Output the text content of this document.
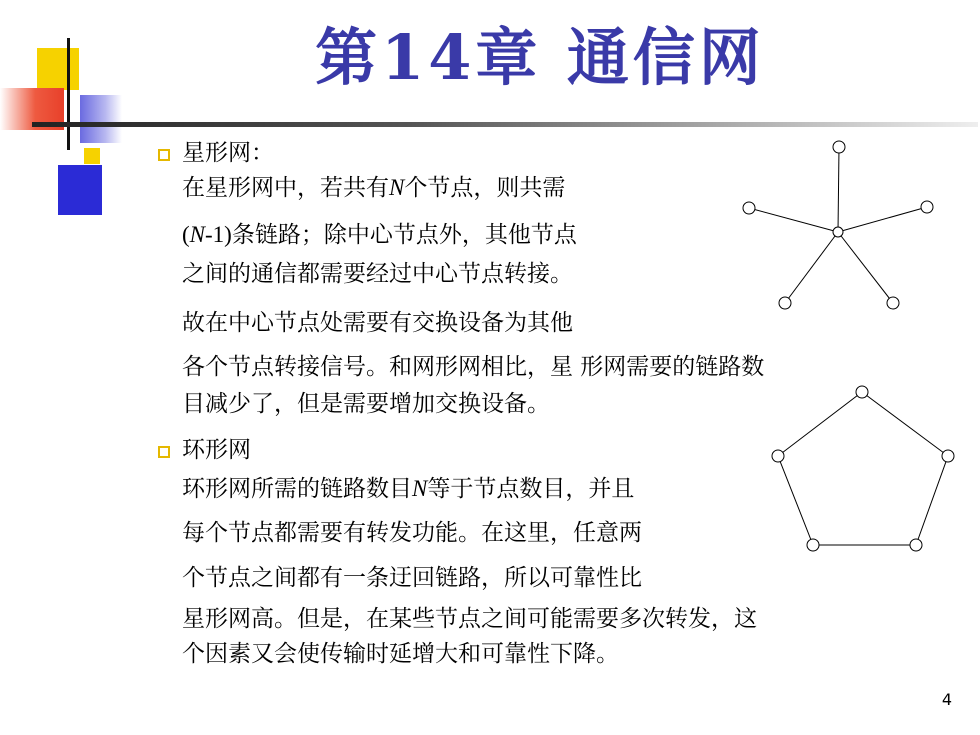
第14章 通信网
星形网：
在星形网中，若共有N个节点，则共需
(N-1)条链路；除中心节点外，其他节点
之间的通信都需要经过中心节点转接。
故在中心节点处需要有交换设备为其他
各个节点转接信号。和网形网相比，星 形网需要的链路数
目减少了，但是需要增加交换设备。
环形网
环形网所需的链路数目N等于节点数目，并且
每个节点都需要有转发功能。在这里，任意两
个节点之间都有一条迂回链路，所以可靠性比
星形网高。但是，在某些节点之间可能需要多次转发，这
个因素又会使传输时延增大和可靠性下降。
4
